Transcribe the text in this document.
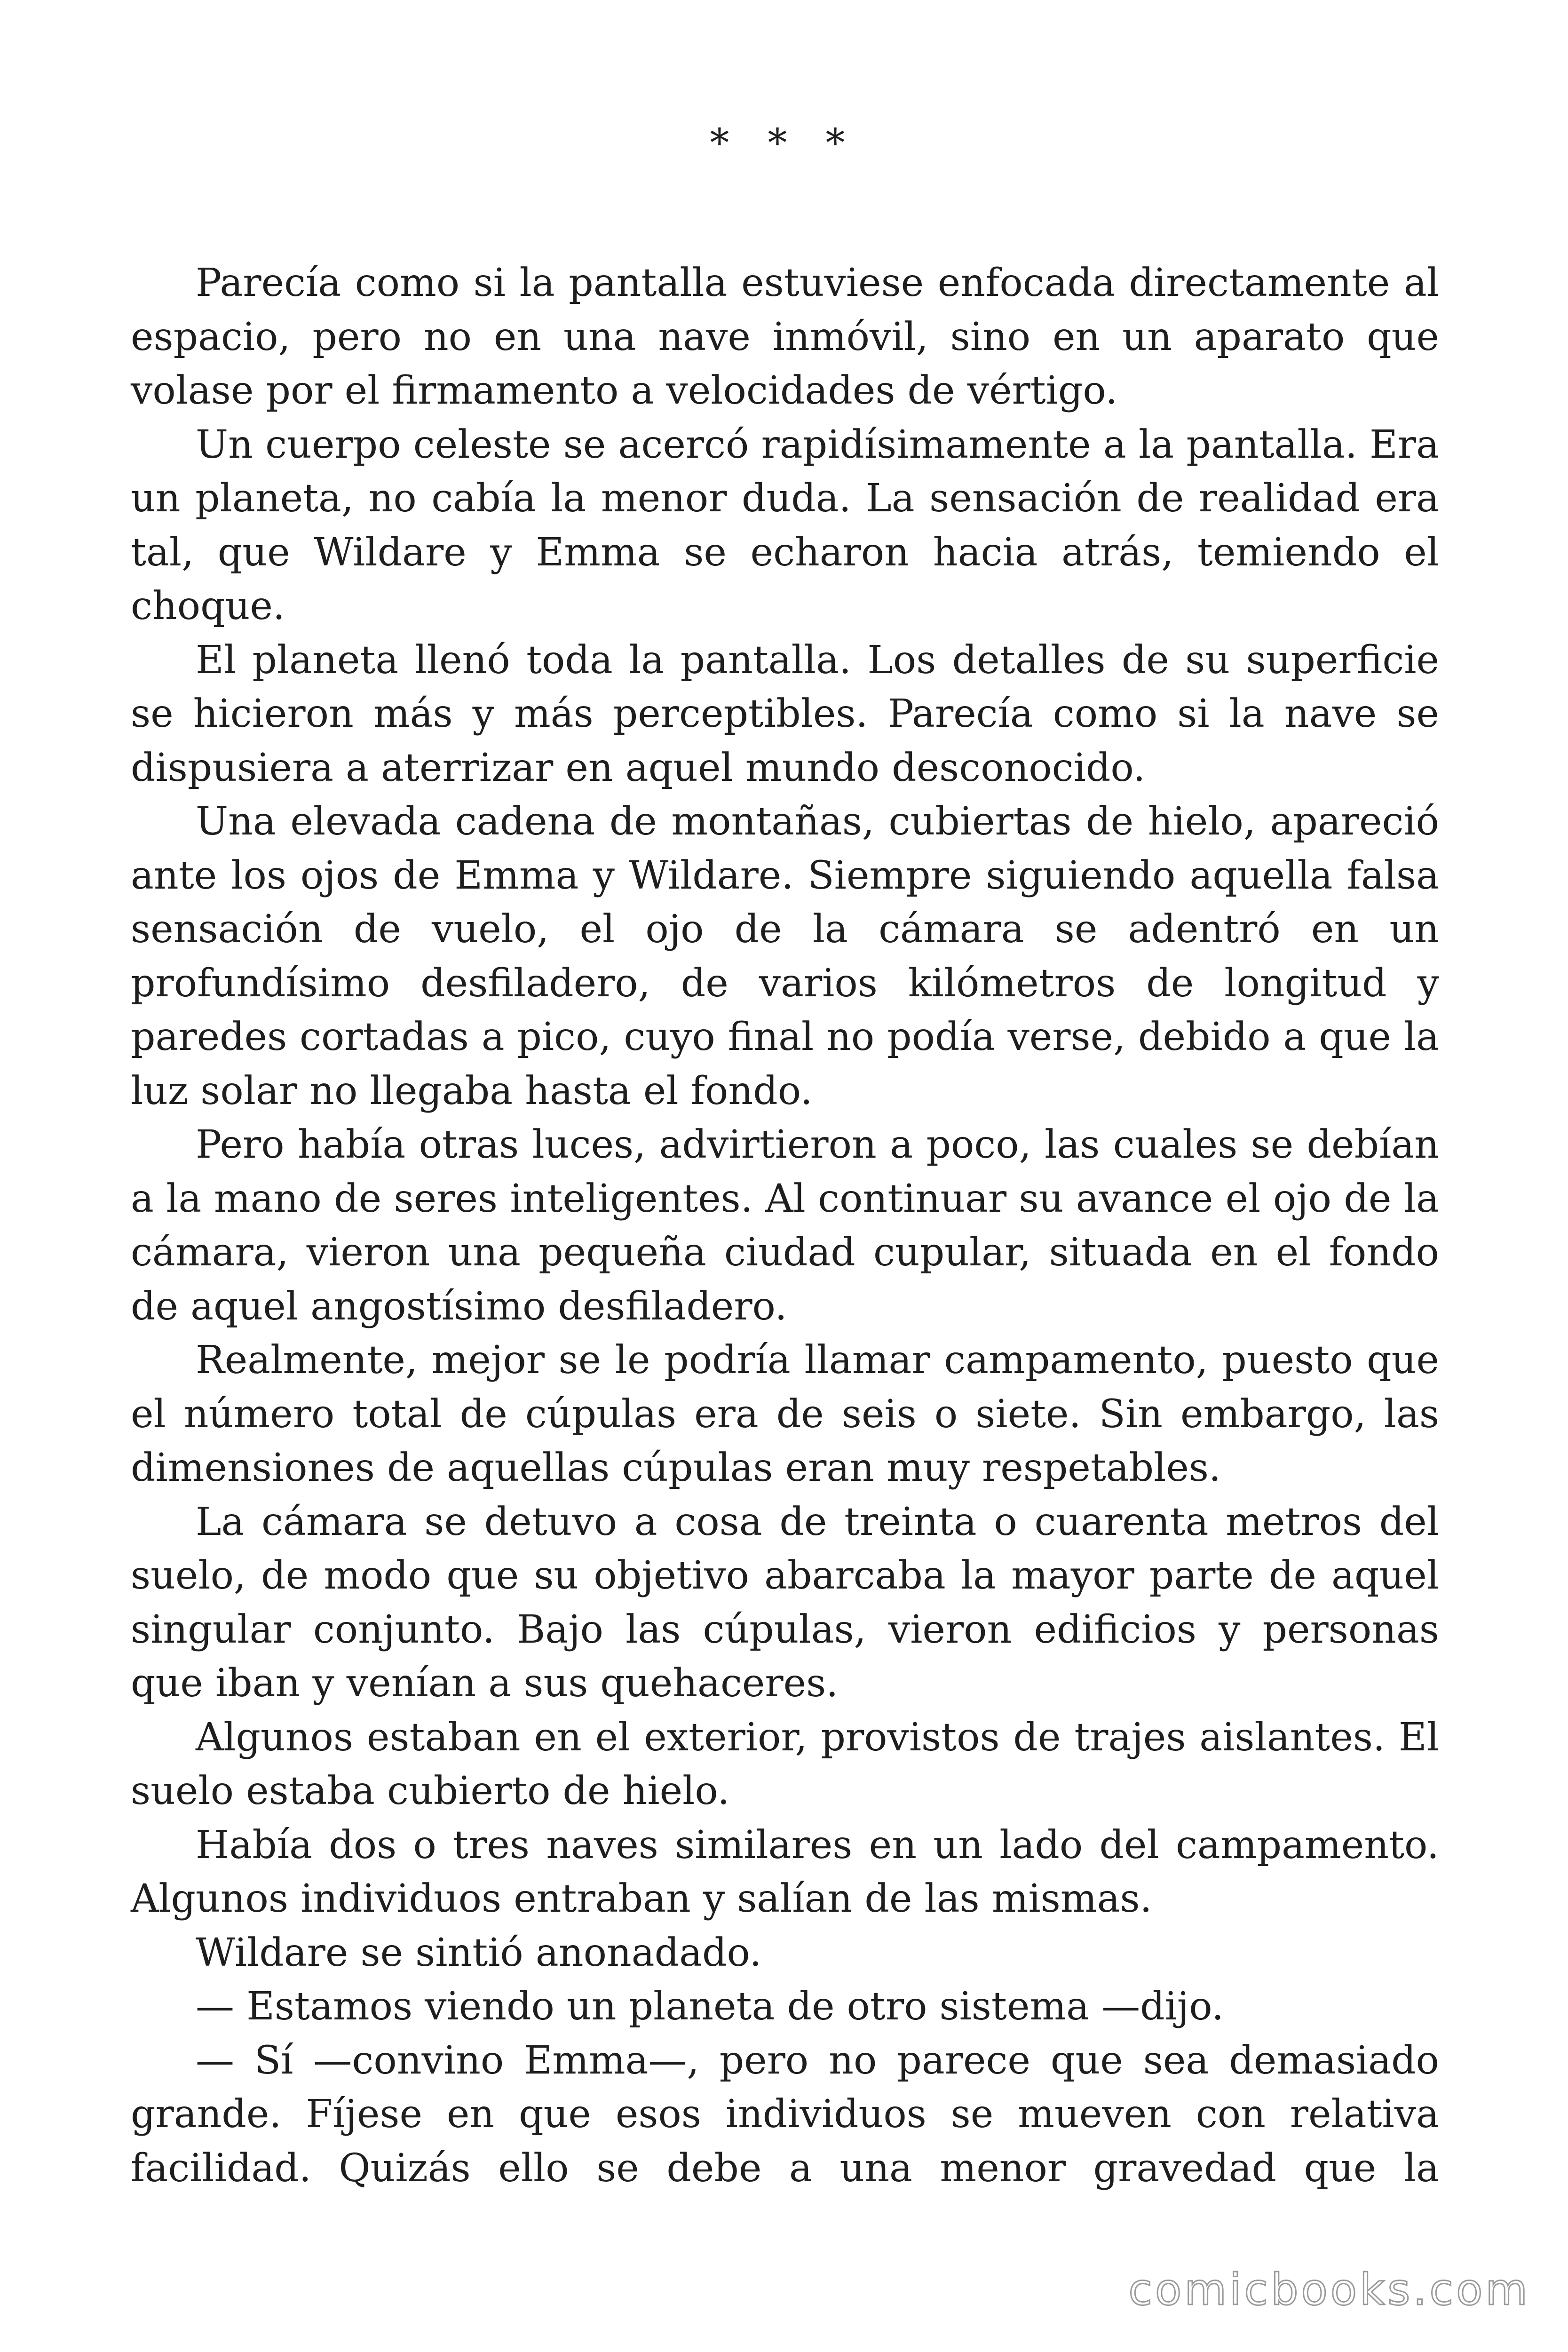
* * *

Parecía como si la pantalla estuviese enfocada directamente al espacio, pero no en una nave inmóvil, sino en un aparato que volase por el firmamento a velocidades de vértigo.

Un cuerpo celeste se acercó rapidísimamente a la pantalla. Era un planeta, no cabía la menor duda. La sensación de realidad era tal, que Wildare y Emma se echaron hacia atrás, temiendo el choque.

El planeta llenó toda la pantalla. Los detalles de su superficie se hicieron más y más perceptibles. Parecía como si la nave se dispusiera a aterrizar en aquel mundo desconocido.

Una elevada cadena de montañas, cubiertas de hielo, apareció ante los ojos de Emma y Wildare. Siempre siguiendo aquella falsa sensación de vuelo, el ojo de la cámara se adentró en un profundísimo desfiladero, de varios kilómetros de longitud y paredes cortadas a pico, cuyo final no podía verse, debido a que la luz solar no llegaba hasta el fondo.

Pero había otras luces, advirtieron a poco, las cuales se debían a la mano de seres inteligentes. Al continuar su avance el ojo de la cámara, vieron una pequeña ciudad cupular, situada en el fondo de aquel angostísimo desfiladero.

Realmente, mejor se le podría llamar campamento, puesto que el número total de cúpulas era de seis o siete. Sin embargo, las dimensiones de aquellas cúpulas eran muy respetables.

La cámara se detuvo a cosa de treinta o cuarenta metros del suelo, de modo que su objetivo abarcaba la mayor parte de aquel singular conjunto. Bajo las cúpulas, vieron edificios y personas que iban y venían a sus quehaceres.

Algunos estaban en el exterior, provistos de trajes aislantes. El suelo estaba cubierto de hielo.

Había dos o tres naves similares en un lado del campamento. Algunos individuos entraban y salían de las mismas.

Wildare se sintió anonadado.

— Estamos viendo un planeta de otro sistema —dijo.

— Sí —convino Emma—, pero no parece que sea demasiado grande. Fíjese en que esos individuos se mueven con relativa facilidad. Quizás ello se debe a una menor gravedad que la

comicbooks.com
